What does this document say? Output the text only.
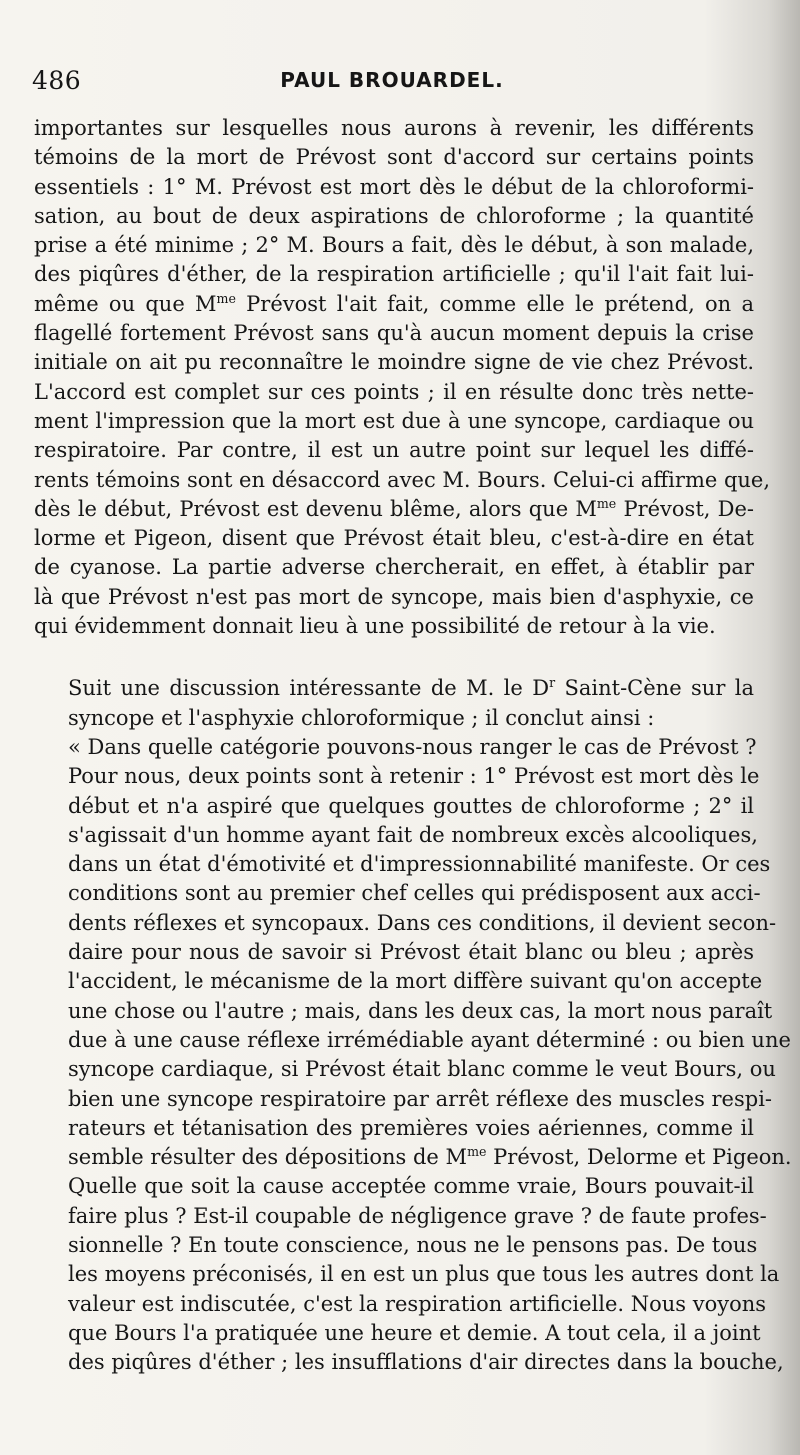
486	PAUL BROUARDEL.

importantes sur lesquelles nous aurons à revenir, les différents
témoins de la mort de Prévost sont d'accord sur certains points
essentiels : 1° M. Prévost est mort dès le début de la chloroformi-
sation, au bout de deux aspirations de chloroforme ; la quantité
prise a été minime ; 2° M. Bours a fait, dès le début, à son malade,
des piqûres d'éther, de la respiration artificielle ; qu'il l'ait fait lui-
même ou que $M^{me}$ Prévost l'ait fait, comme elle le prétend, on a
flagellé fortement Prévost sans qu'à aucun moment depuis la crise
initiale on ait pu reconnaître le moindre signe de vie chez Prévost.
L'accord est complet sur ces points ; il en résulte donc très nette-
ment l'impression que la mort est due à une syncope, cardiaque ou
respiratoire. Par contre, il est un autre point sur lequel les diffé-
rents témoins sont en désaccord avec M. Bours. Celui-ci affirme que,
dès le début, Prévost est devenu blême, alors que $M^{me}$ Prévost, De-
lorme et Pigeon, disent que Prévost était bleu, c'est-à-dire en état
de cyanose. La partie adverse chercherait, en effet, à établir par
là que Prévost n'est pas mort de syncope, mais bien d'asphyxie, ce
qui évidemment donnait lieu à une possibilité de retour à la vie.

Suit une discussion intéressante de M. le $D^r$ Saint-Cène sur la
syncope et l'asphyxie chloroformique ; il conclut ainsi :

« Dans quelle catégorie pouvons-nous ranger le cas de Prévost ?
Pour nous, deux points sont à retenir : 1° Prévost est mort dès le
début et n'a aspiré que quelques gouttes de chloroforme ; 2° il
s'agissait d'un homme ayant fait de nombreux excès alcooliques,
dans un état d'émotivité et d'impressionnabilité manifeste. Or ces
conditions sont au premier chef celles qui prédisposent aux acci-
dents réflexes et syncopaux. Dans ces conditions, il devient secon-
daire pour nous de savoir si Prévost était blanc ou bleu ; après
l'accident, le mécanisme de la mort diffère suivant qu'on accepte
une chose ou l'autre ; mais, dans les deux cas, la mort nous paraît
due à une cause réflexe irrémédiable ayant déterminé : ou bien une
syncope cardiaque, si Prévost était blanc comme le veut Bours, ou
bien une syncope respiratoire par arrêt réflexe des muscles respi-
rateurs et tétanisation des premières voies aériennes, comme il
semble résulter des dépositions de $M^{me}$ Prévost, Delorme et Pigeon.
Quelle que soit la cause acceptée comme vraie, Bours pouvait-il
faire plus ? Est-il coupable de négligence grave ? de faute profes-
sionnelle ? En toute conscience, nous ne le pensons pas. De tous
les moyens préconisés, il en est un plus que tous les autres dont la
valeur est indiscutée, c'est la respiration artificielle. Nous voyons
que Bours l'a pratiquée une heure et demie. A tout cela, il a joint
des piqûres d'éther ; les insufflations d'air directes dans la bouche,
